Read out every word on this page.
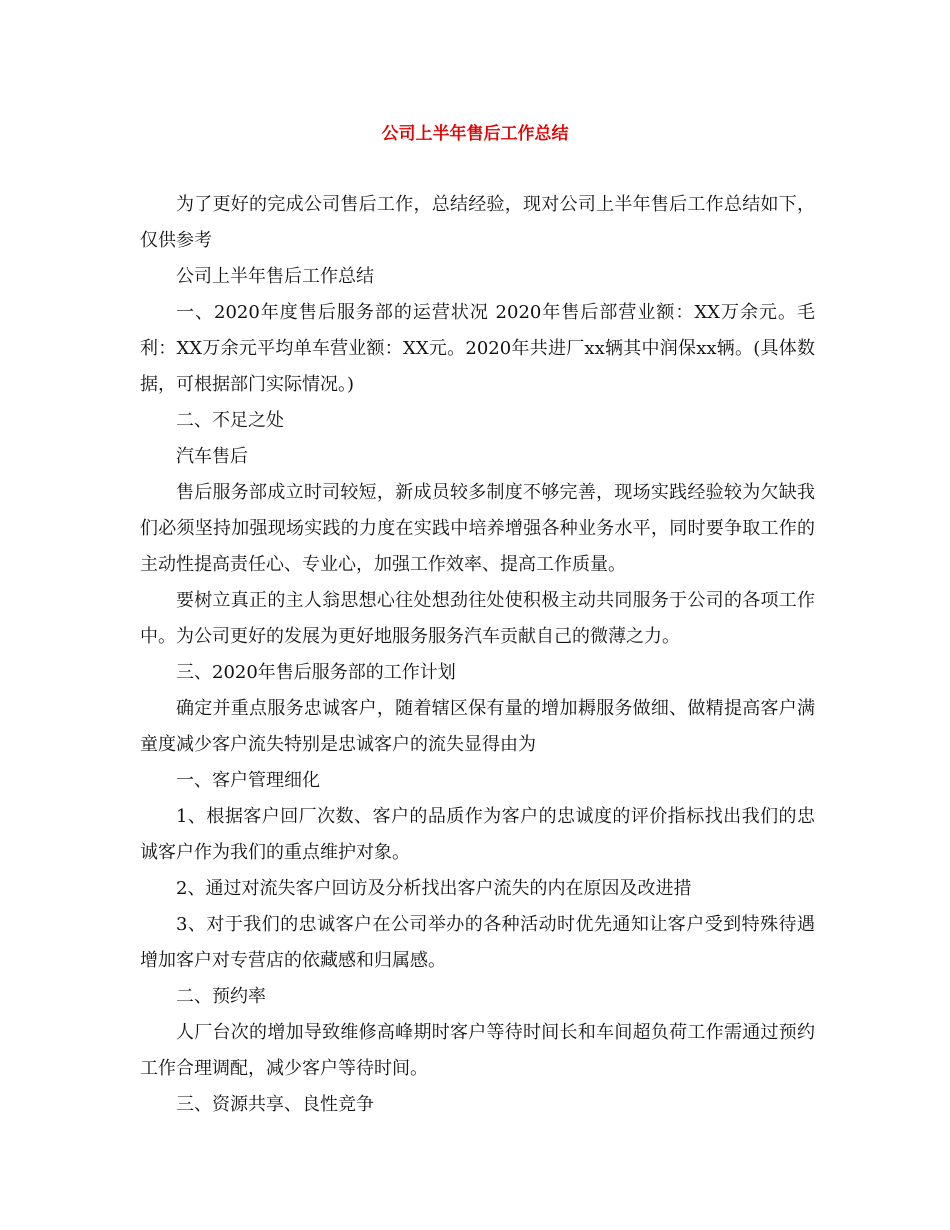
公司上半年售后工作总结

为了更好的完成公司售后工作，总结经验，现对公司上半年售后工作总结如下，仅供参考

公司上半年售后工作总结

一、2020年度售后服务部的运营状况 2020年售后部营业额：XX万余元。毛利：XX万余元平均单车营业额：XX元。2020年共进厂xx辆其中润保xx辆。(具体数据，可根据部门实际情况。)

二、不足之处

汽车售后

售后服务部成立时司较短，新成员较多制度不够完善，现场实践经验较为欠缺我们必须坚持加强现场实践的力度在实践中培养增强各种业务水平，同时要争取工作的主动性提高责任心、专业心，加强工作效率、提高工作质量。

要树立真正的主人翁思想心往处想劲往处使积极主动共同服务于公司的各项工作中。为公司更好的发展为更好地服务服务汽车贡献自己的微薄之力。

三、2020年售后服务部的工作计划

确定并重点服务忠诚客户，随着辖区保有量的增加耨服务做细、做精提高客户满童度减少客户流失特别是忠诚客户的流失显得由为

一、客户管理细化

1、根据客户回厂次数、客户的品质作为客户的忠诚度的评价指标找出我们的忠诚客户作为我们的重点维护对象。

2、通过对流失客户回访及分析找出客户流失的内在原因及改进措

3、对于我们的忠诚客户在公司举办的各种活动时优先通知让客户受到特殊待遇增加客户对专营店的依藏感和归属感。

二、预约率

人厂台次的增加导致维修高峰期时客户等待时间长和车间超负荷工作需通过预约工作合理调配，减少客户等待时间。

三、资源共享、良性竞争
